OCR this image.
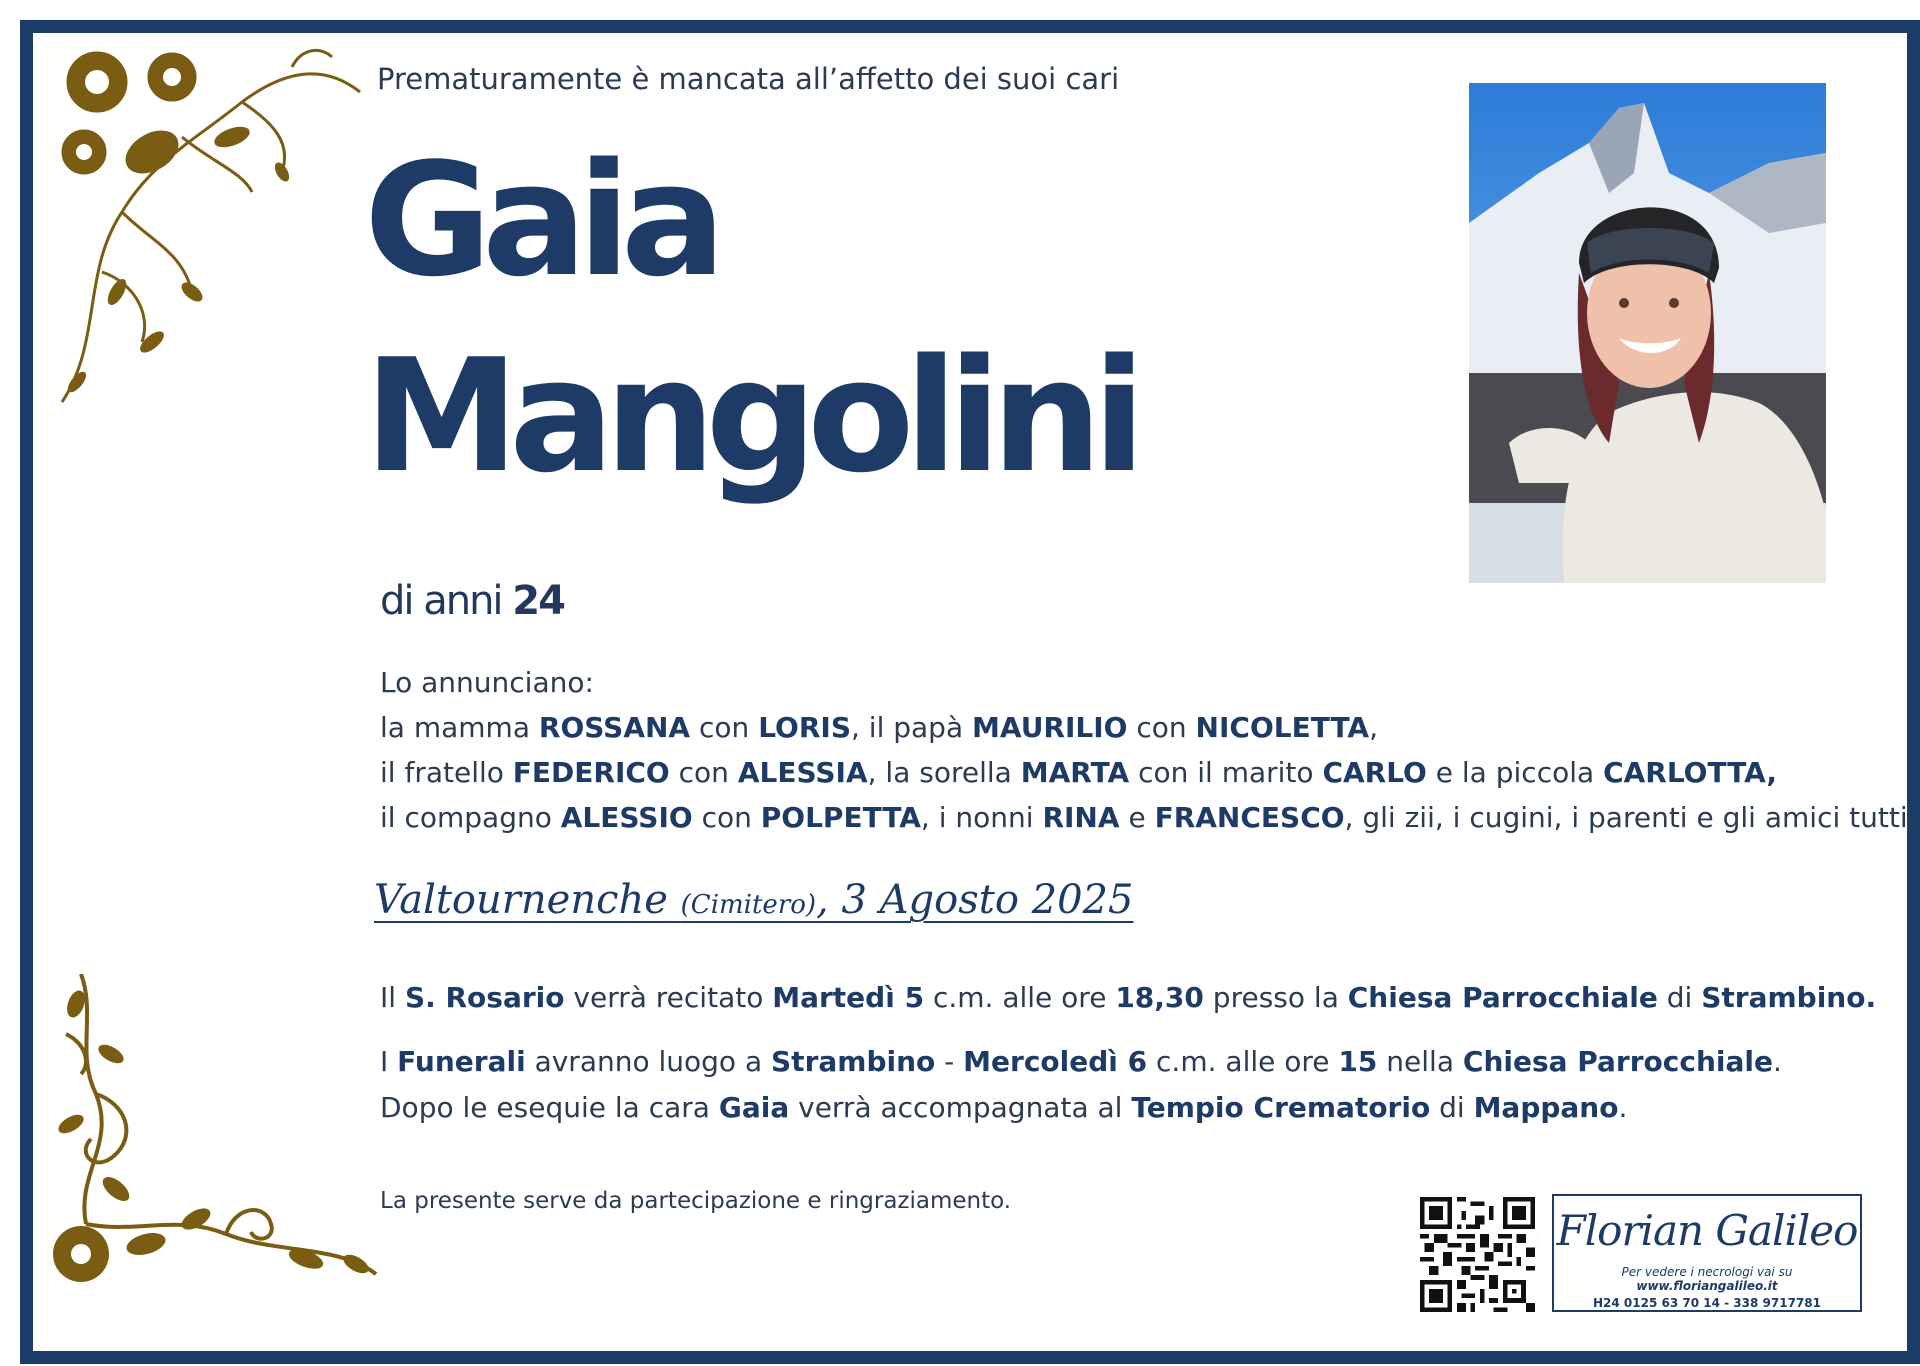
Prematuramente è mancata all’affetto dei suoi cari
Gaia
Mangolini
di anni 24
Lo annunciano:
la mamma ROSSANA con LORIS, il papà MAURILIO con NICOLETTA,
il fratello FEDERICO con ALESSIA, la sorella MARTA con il marito CARLO e la piccola CARLOTTA,
il compagno ALESSIO con POLPETTA, i nonni RINA e FRANCESCO, gli zii, i cugini, i parenti e gli amici tutti.
Valtournenche (Cimitero), 3 Agosto 2025
Il S. Rosario verrà recitato Martedì 5 c.m. alle ore 18,30 presso la Chiesa Parrocchiale di Strambino.
I Funerali avranno luogo a Strambino - Mercoledì 6 c.m. alle ore 15 nella Chiesa Parrocchiale.
Dopo le esequie la cara Gaia verrà accompagnata al Tempio Crematorio di Mappano.
La presente serve da partecipazione e ringraziamento.
Florian Galileo
Per vedere i necrologi vai su www.floriangalileo.it
H24 0125 63 70 14 - 338 9717781
